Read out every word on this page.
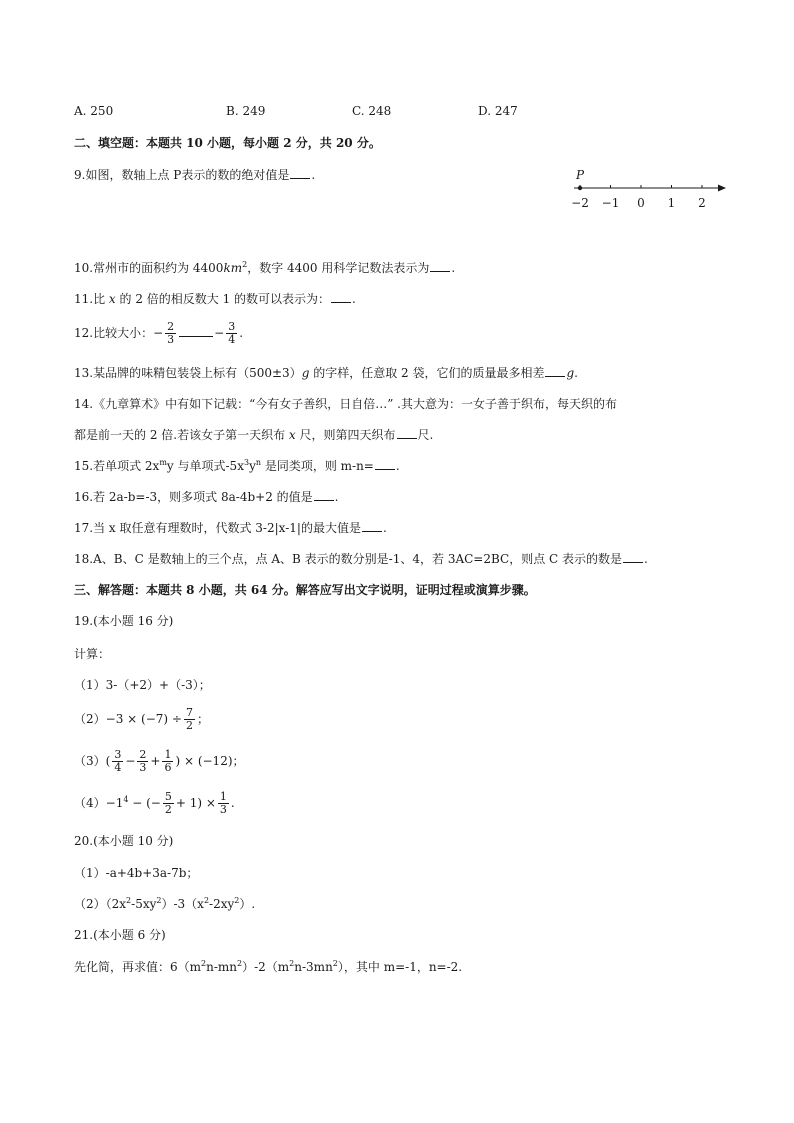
A. 250	B. 249	C. 248	D. 247
二、填空题：本题共 10 小题，每小题 2 分，共 20 分。
9.如图，数轴上点 P表示的数的绝对值是 .
−2 −1 0 1 2
P
10.常州市的面积约为 $4400km^2$，数字 4400 用科学记数法表示为 .
11.比 x 的 2 倍的相反数大 1 的数可以表示为： .
12.比较大小：− $\frac{2}{3}$	− $\frac{3}{4}$ .
13.某品牌的味精包装袋上标有（500±3）g 的字样，任意取 2 袋，它们的质量最多相差 g.
14.《九章算术》中有如下记载：“今有女子善织，日自倍…” .其大意为：一女子善于织布，每天织的布
都是前一天的 2 倍.若该女子第一天织布 x 尺，则第四天织布 尺.
15.若单项式 $2x^my$ 与单项式$-5x^3y^n$ 是同类项，则 m-n= .
16.若 2a-b=-3，则多项式 8a-4b+2 的值是 .
17.当 x 取任意有理数时，代数式 3-2|x-1|的最大值是 .
18.A、B、C 是数轴上的三个点，点 A、B 表示的数分别是-1、4，若 3AC=2BC，则点 C 表示的数是 .
三、解答题：本题共 8 小题，共 64 分。解答应写出文字说明，证明过程或演算步骤。
19.(本小题 16 分)
计算：
（1）3-（+2）+（-3）；
$(2)-3 \times (-7) \div \frac{7}{2}$ ；
$(3)( \frac{3}{4} - \frac{2}{3} + \frac{1}{6}$ ) × (−12)；
$(4)-1^4$ − (− $\frac{5}{2} + 1) \times \frac{1}{3}$ .
20.(本小题 10 分)
（1）-a+4b+3a-7b；
$(2)(2x^2-5xy^2)-3(x^2-2xy^2)$.
21.(本小题 6 分)
先化简，再求值：$6(m^2n-mn^2)-2(m^2n-3mn^2)$，其中 m=-1，n=-2.
